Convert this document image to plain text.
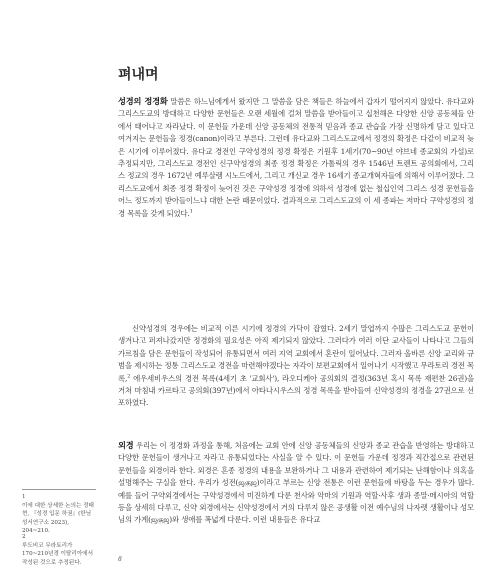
펴내며
성경의 정경화 말씀은 하느님에게서 왔지만 그 말씀을 담은 책들은 하늘에서 갑자기 떨어지지 않았다. 유다교와 그리스도교의 방대하고 다양한 문헌들은 오랜 세월에 걸쳐 말씀을 받아들이고 십천해온 다양한 신앙 공동체들 안에서 태어나고 자라났다. 이 문헌들 가운데 신앙 공동체의 전통적 믿음과 종교 관습을 가장 신명하게 담고 있다고 여겨지는 문헌들을 정경(canon)이라고 부른다. 그런데 유다교와 그리스도교에서 정경의 확정은 다같이 비교적 늦은 시기에 이루어졌다. 유다교 경전인 구약성경의 정경 확정은 기원후 1세기(70~90년 야브네 종교회의 가설)로 추정되지만, 그리스도교 경전인 신구약성경의 최종 정경 확정은 가톨릭의 경우 1546년 트렌트 공의회에서, 그리스 정교의 경우 1672년 예루살렘 시노드에서, 그리고 개신교 경우 16세기 종교개혁자들에 의해서 이루어졌다. 그리스도교에서 최종 정경 확정이 늦어진 것은 구약성경 정경에 의하서 성경에 없는 철십인역 그리스 성경 문헌들을 어느 정도까지 받아들이느냐 대한 논란 때문이었다. 결과적으로 그리스도교의 이 세 종파는 저마다 구약성경의 정경 목록을 갖게 되었다.$^1$
신약성경의 경우에는 비교적 이른 시기에 정경의 가닥이 잡혔다. 2세기 말엽까지 수많은 그리스도교 문헌이 생겨나고 퍼져나갔지만 정경화의 필요성은 아직 제기되지 않았다. 그러다가 여러 이단 교사들이 나타나고 그들의 가르침을 담은 문헌들이 작성되어 유통되면서 여러 지역 교회에서 혼란이 일어났다. 그러자 올바른 신앙 교리와 규범을 제시하는 정통 그리스도교 경전을 마련해야겠다는 자각이 보편교회에서 일어나기 시작했고 무라토리 경전 목록,$^2$ 에우세비우스의 경전 목록(4세기 초 '교회사'), 라오디케아 공의회의 결정(363년 혹시 목록 재편찬 26권)을 거쳐 마침내 카르타고 공의회(397년)에서 아타나시우스의 정경 목록을 받아들여 신약성경의 정경을 27권으로 선포하였다.
외경 우리는 이 정경화 과정을 통해, 처음에는 교회 안에 신앙 공동체들의 신앙과 종교 관습을 반영하는 방대하고 다양한 문헌들이 생겨나고 자라고 유통되었다는 사실을 알 수 있다. 이 문헌들 가운데 정경과 직간접으로 관련된 문헌들을 외경이라 한다. 외경은 흔종 정경의 내용을 보완하거나 그 내용과 관련하여 제기되는 난해함이나 의혹을 설명해주는 구실을 한다. 우리가 성전(ஜகுஜ)이라고 부르는 신앙 전통은 이런 문헌들에 바탕을 두는 경우가 많다. 예를 들어 구약외경에서는 구약성경에서 미진하게 다룬 천사와 악마의 기원과 역할·사후 생과 종말·메시아의 역할 등을 상세히 다루고, 신약 외경에서는 신약성경에서 거의 다루지 않은 공생활 이전 예수님의 나자렛 생활이나 성모님의 가계(ஜகுஜ)와 생애를 폭넓게 다룬다. 이런 내용들은 유다교
1
이에 대한 상세한 논의는 정태현, 『성경 입문 하권』(한님성서연구소 2023), 204~210.
2
루도비코 무라토리가 170~210년경 이탈리아에서 작성된 것으로 추정된다.	8
